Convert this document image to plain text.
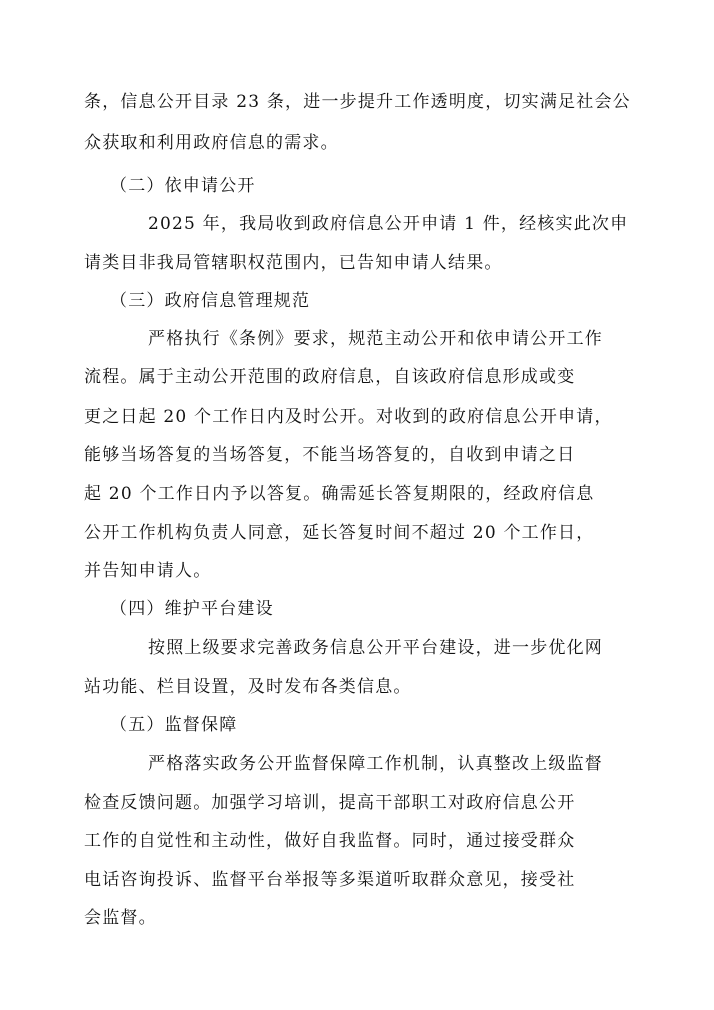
条，信息公开目录 23 条，进一步提升工作透明度，切实满足社会公
众获取和利用政府信息的需求。
（二）依申请公开
2025 年，我局收到政府信息公开申请 1 件，经核实此次申
请类目非我局管辖职权范围内，已告知申请人结果。
（三）政府信息管理规范
严格执行《条例》要求，规范主动公开和依申请公开工作
流程。属于主动公开范围的政府信息，自该政府信息形成或变
更之日起 20 个工作日内及时公开。对收到的政府信息公开申请，
能够当场答复的当场答复，不能当场答复的，自收到申请之日
起 20 个工作日内予以答复。确需延长答复期限的，经政府信息
公开工作机构负责人同意，延长答复时间不超过 20 个工作日，
并告知申请人。
（四）维护平台建设
按照上级要求完善政务信息公开平台建设，进一步优化网
站功能、栏目设置，及时发布各类信息。
（五）监督保障
严格落实政务公开监督保障工作机制，认真整改上级监督
检查反馈问题。加强学习培训，提高干部职工对政府信息公开
工作的自觉性和主动性，做好自我监督。同时，通过接受群众
电话咨询投诉、监督平台举报等多渠道听取群众意见，接受社
会监督。
